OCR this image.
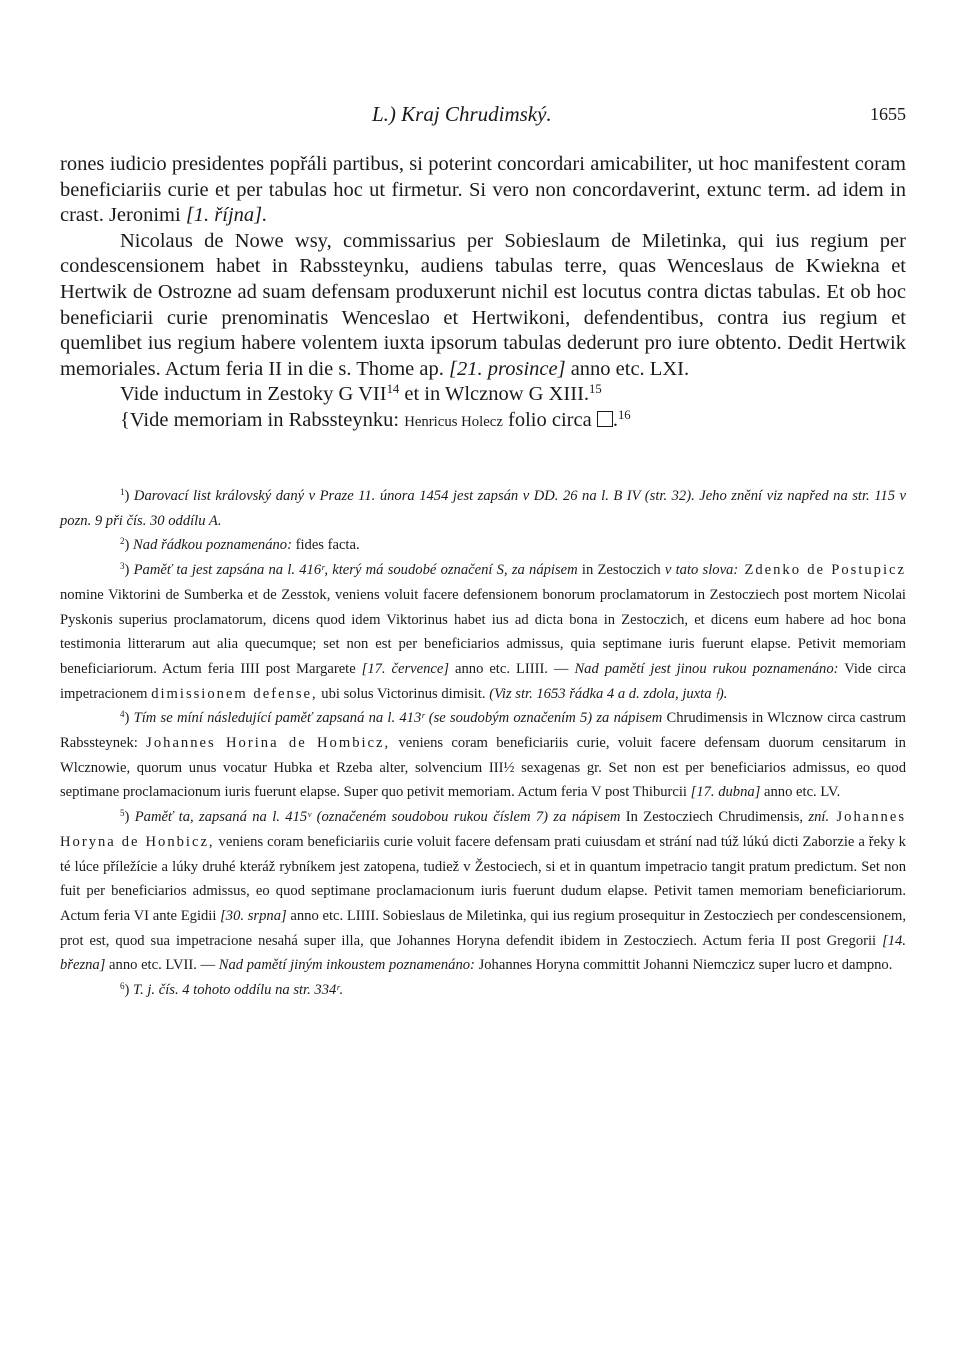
L.) Kraj Chrudimský.	1655

rones iudicio presidentes popřáli partibus, si poterint concordari amicabiliter, ut hoc manifestent coram beneficiariis curie et per tabulas hoc ut firmetur. Si vero non concordaverint, extunc term. ad idem in crast. Jeronimi [1. října].

Nicolaus de Nowe wsy, commissarius per Sobieslaum de Miletinka, qui ius regium per condescensionem habet in Rabssteynku, audiens tabulas terre, quas Wenceslaus de Kwiekna et Hertwik de Ostrozne ad suam defensam produxerunt nichil est locutus contra dictas tabulas. Et ob hoc beneficiarii curie prenominatis Wenceslao et Hertwikoni, defendentibus, contra ius regium et quemlibet ius regium habere volentem iuxta ipsorum tabulas dederunt pro iure obtento. Dedit Hertwik memoriales. Actum feria II in die s. Thome ap. [21. prosince] anno etc. LXI.

Vide inductum in Zestoky G VII$^{14}$ et in Wlcznow G XIII.$^{15}$

{Vide memoriam in Rabssteynku: Henricus Holecz folio circa .$^{16}$

$^1$) Darovací list královský daný v Praze 11. února 1454 jest zapsán v DD. 26 na l. B IV (str. 32). Jeho znění viz napřed na str. 115 v pozn. 9 při čís. 30 oddílu A.

$^2$) Nad řádkou poznamenáno: fides facta.

$^3$) Paměť ta jest zapsána na l. 416ʳ, který má soudobé označení S, za nápisem in Zestoczich v tato slova: Zdenko de Postupicz nomine Viktorini de Sumberka et de Zesstok, veniens voluit facere defensionem bonorum proclamatorum in Zestocziech post mortem Nicolai Pyskonis superius proclamatorum, dicens quod idem Viktorinus habet ius ad dicta bona in Zestoczich, et dicens eum habere ad hoc bona testimonia litterarum aut alia quecumque; set non est per beneficiarios admissus, quia septimane iuris fuerunt elapse. Petivit memoriam beneficiariorum. Actum feria IIII post Margarete [17. července] anno etc. LIIII. — Nad pamětí jest jinou rukou poznamenáno: Vide circa impetracionem dimissionem defense, ubi solus Victorinus dimisit. (Viz str. 1653 řádka 4 a d. zdola, juxta ⟊).

$^4$) Tím se míní následující paměť zapsaná na l. 413ʳ (se soudobým označením 5) za nápisem Chrudimensis in Wlcznow circa castrum Rabssteynek: Johannes Horina de Hombicz, veniens coram beneficiariis curie, voluit facere defensam duorum censitarum in Wlcznowie, quorum unus vocatur Hubka et Rzeba alter, solvencium III½ sexagenas gr. Set non est per beneficiarios admissus, eo quod septimane proclamacionum iuris fuerunt elapse. Super quo petivit memoriam. Actum feria V post Thiburcii [17. dubna] anno etc. LV.

$^5$) Paměť ta, zapsaná na l. 415ᵛ (označeném soudobou rukou číslem 7) za nápisem In Zestocziech Chrudimensis, zní. Johannes Horyna de Honbicz, veniens coram beneficiariis curie voluit facere defensam prati cuiusdam et strání nad túž lúkú dicti Zaborzie a řeky k té lúce příležície a lúky druhé kteráž rybníkem jest zatopena, tudiež v Žestociech, si et in quantum impetracio tangit pratum predictum. Set non fuit per beneficiarios admissus, eo quod septimane proclamacionum iuris fuerunt dudum elapse. Petivit tamen memoriam beneficiariorum. Actum feria VI ante Egidii [30. srpna] anno etc. LIIII. Sobieslaus de Miletinka, qui ius regium prosequitur in Zestocziech per condescensionem, prot est, quod sua impetracione nesahá super illa, que Johannes Horyna defendit ibidem in Zestocziech. Actum feria II post Gregorii [14. března] anno etc. LVII. — Nad pamětí jiným inkoustem poznamenáno: Johannes Horyna committit Johanni Niemczicz super lucro et dampno.

$^6$) T. j. čís. 4 tohoto oddílu na str. 334ʳ.
